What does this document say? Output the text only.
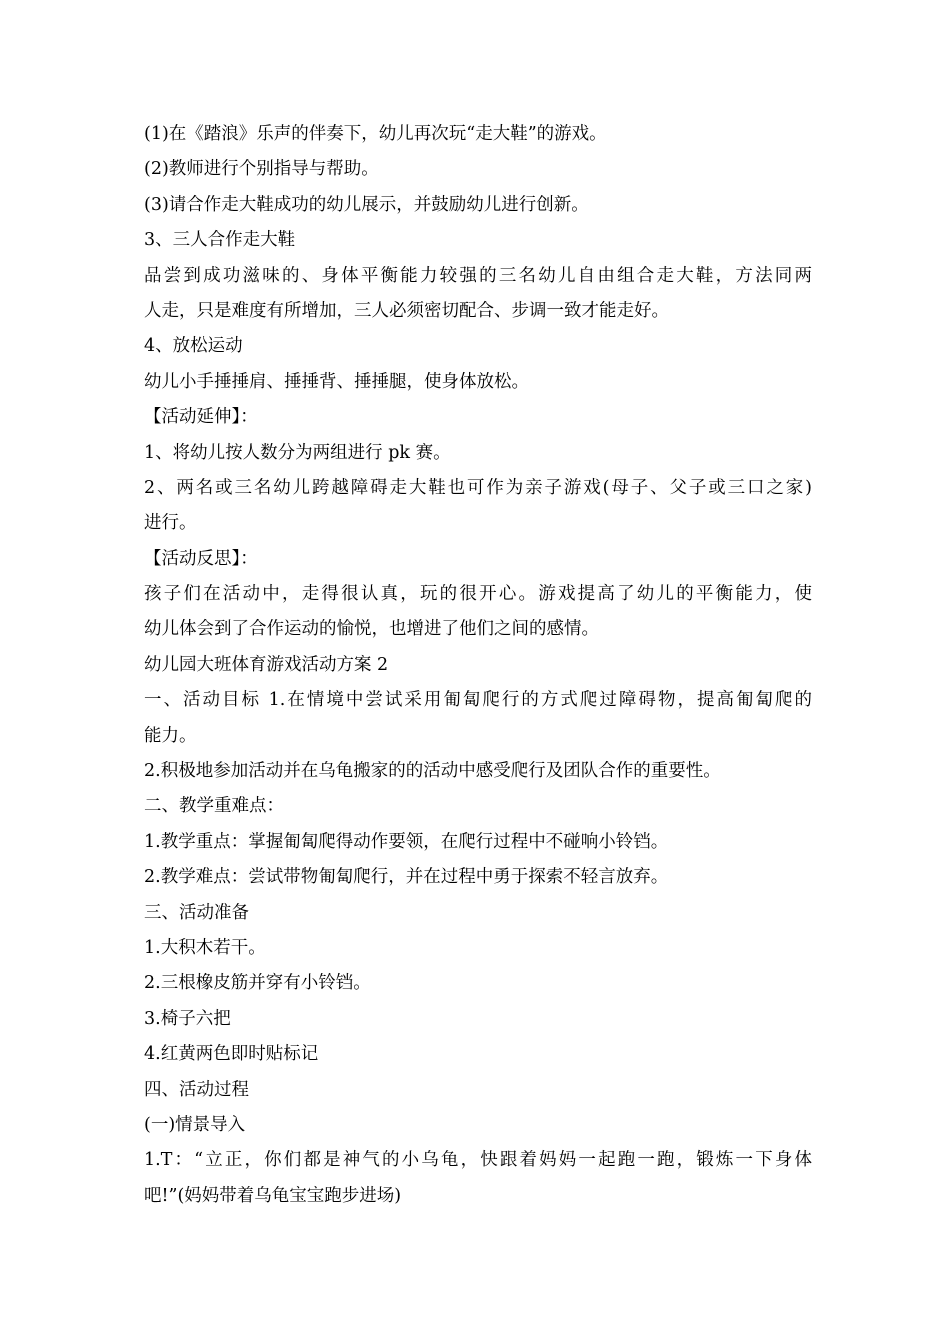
(1)在《踏浪》乐声的伴奏下，幼儿再次玩“走大鞋”的游戏。
(2)教师进行个别指导与帮助。
(3)请合作走大鞋成功的幼儿展示，并鼓励幼儿进行创新。
3、三人合作走大鞋
品尝到成功滋味的、身体平衡能力较强的三名幼儿自由组合走大鞋，方法同两
人走，只是难度有所增加，三人必须密切配合、步调一致才能走好。
4、放松运动
幼儿小手捶捶肩、捶捶背、捶捶腿，使身体放松。
【活动延伸】：
1、将幼儿按人数分为两组进行 pk 赛。
2、两名或三名幼儿跨越障碍走大鞋也可作为亲子游戏(母子、父子或三口之家)
进行。
【活动反思】：
孩子们在活动中，走得很认真，玩的很开心。游戏提高了幼儿的平衡能力，使
幼儿体会到了合作运动的愉悦，也增进了他们之间的感情。
幼儿园大班体育游戏活动方案 2
一、活动目标 1.在情境中尝试采用匍匐爬行的方式爬过障碍物，提高匍匐爬的
能力。
2.积极地参加活动并在乌龟搬家的的活动中感受爬行及团队合作的重要性。
二、教学重难点：
1.教学重点：掌握匍匐爬得动作要领，在爬行过程中不碰响小铃铛。
2.教学难点：尝试带物匍匐爬行，并在过程中勇于探索不轻言放弃。
三、活动准备
1.大积木若干。
2.三根橡皮筋并穿有小铃铛。
3.椅子六把
4.红黄两色即时贴标记
四、活动过程
(一)情景导入
1.T：“立正，你们都是神气的小乌龟，快跟着妈妈一起跑一跑，锻炼一下身体
吧!”(妈妈带着乌龟宝宝跑步进场)
